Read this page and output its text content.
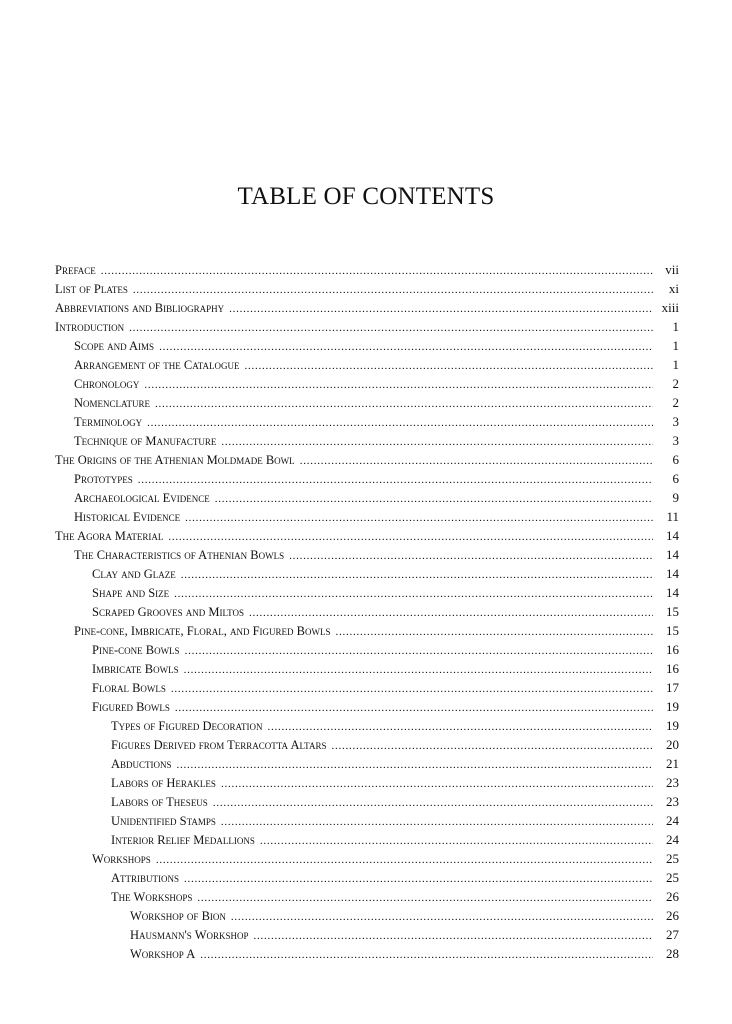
TABLE OF CONTENTS
Preface . . .	vii
List of Plates . . .	xi
Abbreviations and Bibliography . . .	xiii
Introduction . . .	1
Scope and Aims . . .	1
Arrangement of the Catalogue . . .	1
Chronology . . .	2
Nomenclature . . .	2
Terminology . . .	3
Technique of Manufacture . . .	3
The Origins of the Athenian Moldmade Bowl . . .	6
Prototypes . . .	6
Archaeological Evidence . . .	9
Historical Evidence . . .	11
The Agora Material . . .	14
The Characteristics of Athenian Bowls . . .	14
Clay and Glaze . . .	14
Shape and Size . . .	14
Scraped Grooves and Miltos . . .	15
Pine-cone, Imbricate, Floral, and Figured Bowls . . .	15
Pine-cone Bowls . . .	16
Imbricate Bowls . . .	16
Floral Bowls . . .	17
Figured Bowls . . .	19
Types of Figured Decoration . . .	19
Figures Derived from Terracotta Altars . . .	20
Abductions . . .	21
Labors of Herakles . . .	23
Labors of Theseus . . .	23
Unidentified Stamps . . .	24
Interior Relief Medallions . . .	24
Workshops . . .	25
Attributions . . .	25
The Workshops . . .	26
Workshop of Bion . . .	26
Hausmann's Workshop . . .	27
Workshop A . . .	28
